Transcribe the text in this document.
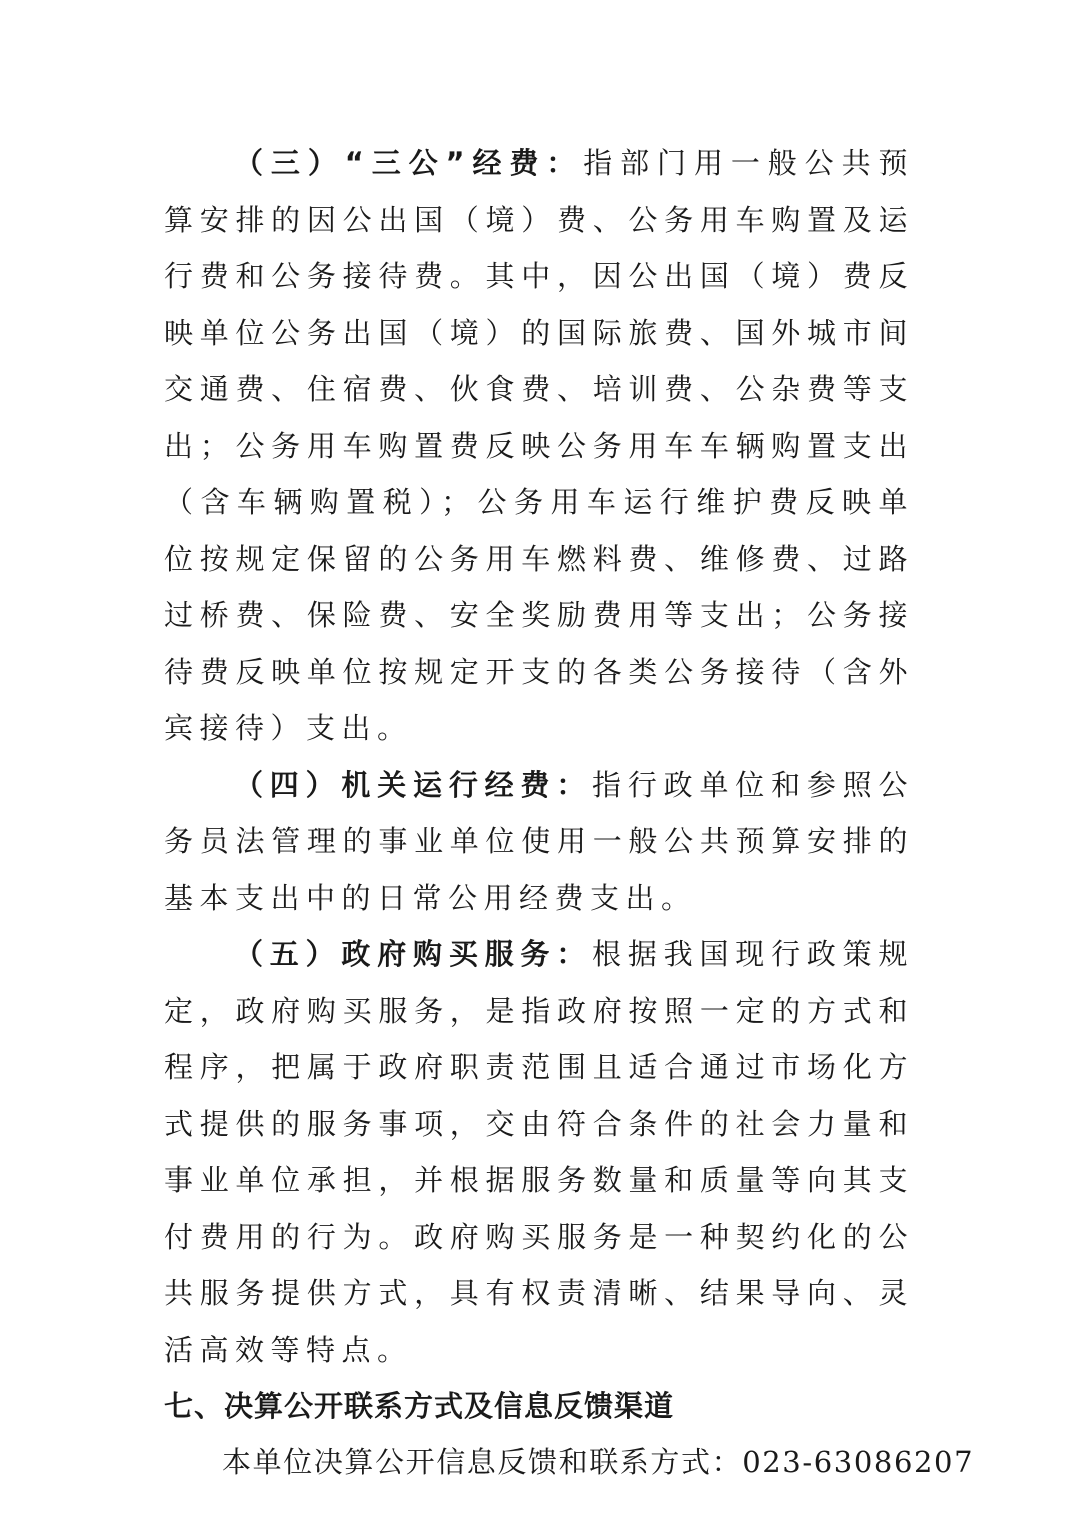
（三）“三公”经费：指部门用一般公共预算安排的因公出国（境）费、公务用车购置及运行费和公务接待费。其中，因公出国（境）费反映单位公务出国（境）的国际旅费、国外城市间交通费、住宿费、伙食费、培训费、公杂费等支出；公务用车购置费反映公务用车车辆购置支出（含车辆购置税）；公务用车运行维护费反映单位按规定保留的公务用车燃料费、维修费、过路过桥费、保险费、安全奖励费用等支出；公务接待费反映单位按规定开支的各类公务接待（含外宾接待）支出。

（四）机关运行经费：指行政单位和参照公务员法管理的事业单位使用一般公共预算安排的基本支出中的日常公用经费支出。

（五）政府购买服务：根据我国现行政策规定，政府购买服务，是指政府按照一定的方式和程序，把属于政府职责范围且适合通过市场化方式提供的服务事项，交由符合条件的社会力量和事业单位承担，并根据服务数量和质量等向其支付费用的行为。政府购买服务是一种契约化的公共服务提供方式，具有权责清晰、结果导向、灵活高效等特点。

七、决算公开联系方式及信息反馈渠道

本单位决算公开信息反馈和联系方式：023-63086207
